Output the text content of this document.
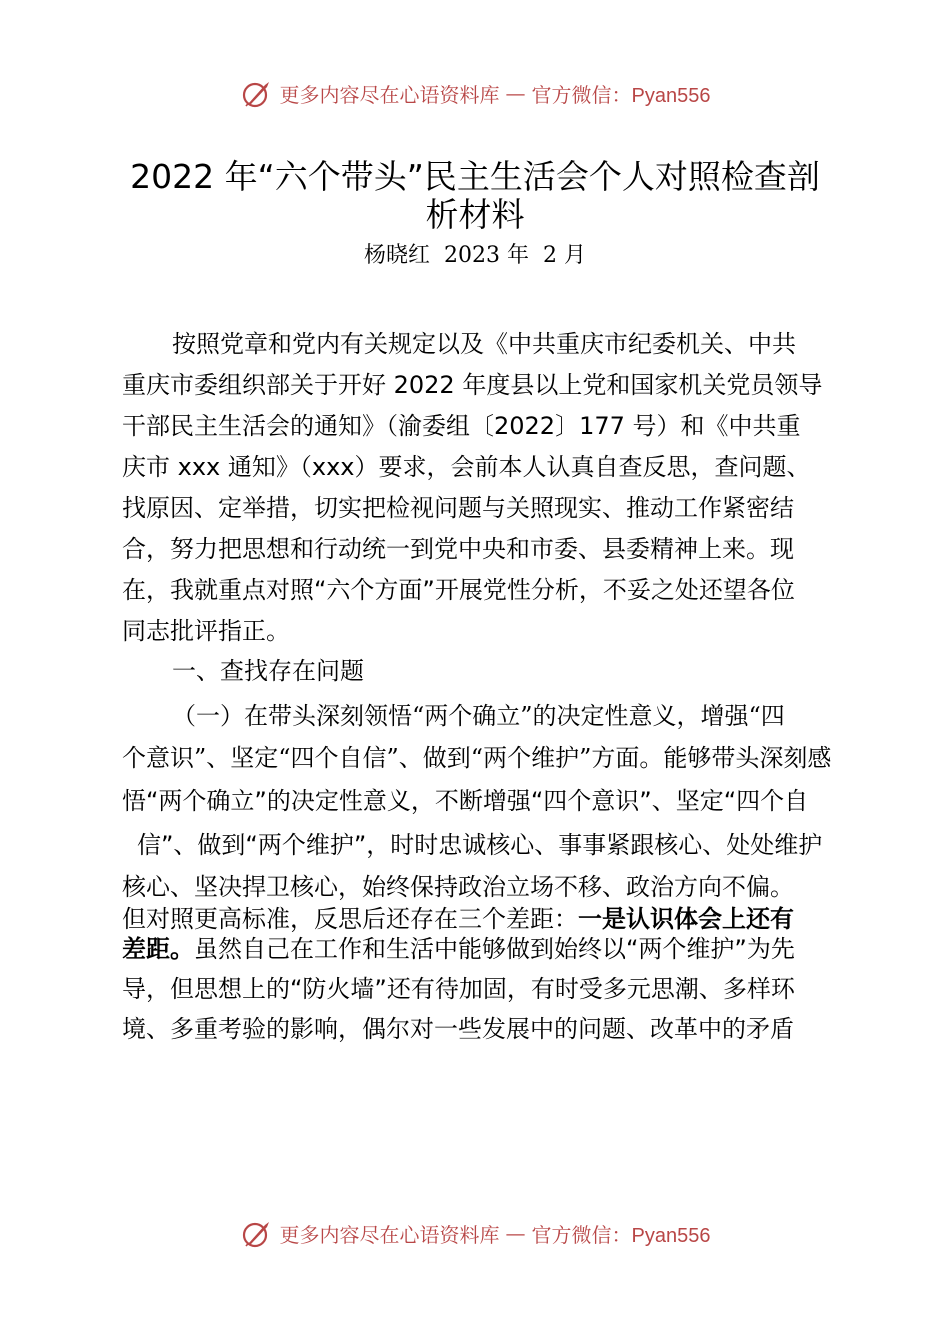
更多内容尽在心语资料库 — 官方微信：Pyan556
2022 年“六个带头”民主生活会个人对照检查剖
析材料
杨晓红  2023 年  2 月
按照党章和党内有关规定以及《中共重庆市纪委机关、中共
重庆市委组织部关于开好 2022 年度县以上党和国家机关党员领导
干部民主生活会的通知》（渝委组〔2022〕177 号）和《中共重
庆市 xxx 通知》（xxx）要求，会前本人认真自查反思，查问题、
找原因、定举措，切实把检视问题与关照现实、推动工作紧密结
合，努力把思想和行动统一到党中央和市委、县委精神上来。现
在，我就重点对照“六个方面”开展党性分析，不妥之处还望各位
同志批评指正。
一、查找存在问题
（一）在带头深刻领悟“两个确立”的决定性意义，增强“四
个意识”、坚定“四个自信”、做到“两个维护”方面。能够带头深刻感
悟“两个确立”的决定性意义，不断增强“四个意识”、坚定“四个自
信”、做到“两个维护”，时时忠诚核心、事事紧跟核心、处处维护
核心、坚决捍卫核心，始终保持政治立场不移、政治方向不偏。
但对照更高标准，反思后还存在三个差距：一是认识体会上还有
差距。虽然自己在工作和生活中能够做到始终以“两个维护”为先
导，但思想上的“防火墙”还有待加固，有时受多元思潮、多样环
境、多重考验的影响，偶尔对一些发展中的问题、改革中的矛盾
更多内容尽在心语资料库 — 官方微信：Pyan556
